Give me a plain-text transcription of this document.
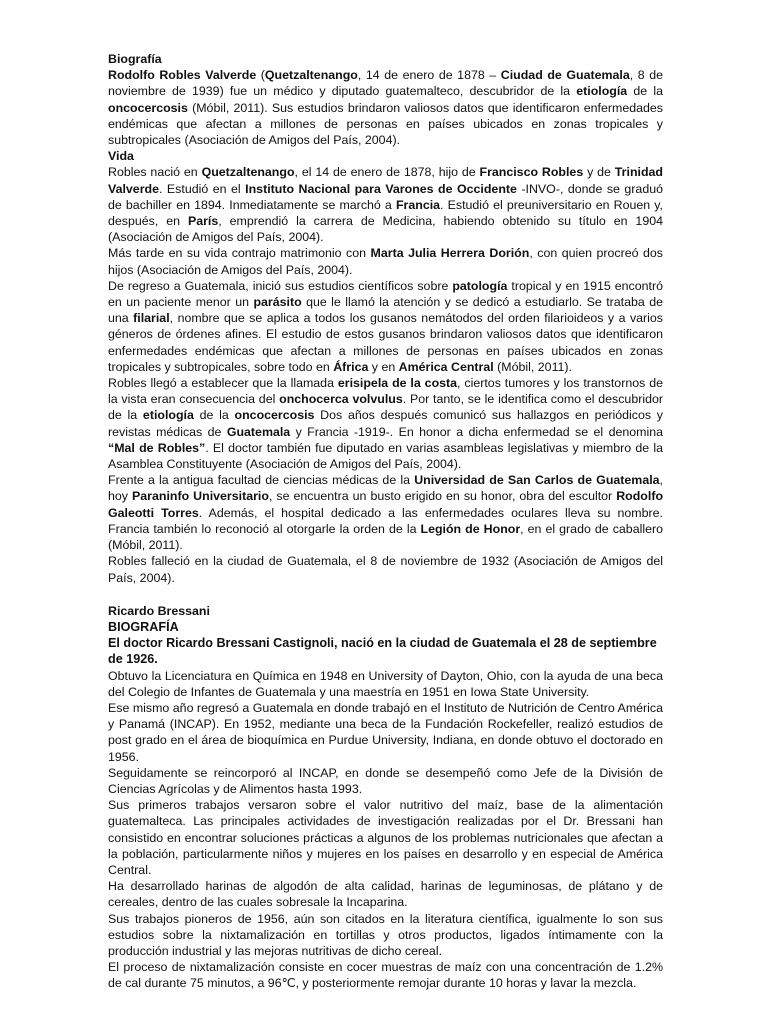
Biografía

Rodolfo Robles Valverde (Quetzaltenango, 14 de enero de 1878 – Ciudad de Guatemala, 8 de noviembre de 1939) fue un médico y diputado guatemalteco, descubridor de la etiología de la oncocercosis (Móbil, 2011). Sus estudios brindaron valiosos datos que identificaron enfermedades endémicas que afectan a millones de personas en países ubicados en zonas tropicales y subtropicales (Asociación de Amigos del País, 2004).

Vida

Robles nació en Quetzaltenango, el 14 de enero de 1878, hijo de Francisco Robles y de Trinidad Valverde. Estudió en el Instituto Nacional para Varones de Occidente -INVO-, donde se graduó de bachiller en 1894. Inmediatamente se marchó a Francia. Estudió el preuniversitario en Rouen y, después, en París, emprendió la carrera de Medicina, habiendo obtenido su título en 1904 (Asociación de Amigos del País, 2004).

Más tarde en su vida contrajo matrimonio con Marta Julia Herrera Dorión, con quien procreó dos hijos (Asociación de Amigos del País, 2004).

De regreso a Guatemala, inició sus estudios científicos sobre patología tropical y en 1915 encontró en un paciente menor un parásito que le llamó la atención y se dedicó a estudiarlo. Se trataba de una filarial, nombre que se aplica a todos los gusanos nemátodos del orden filarioideos y a varios géneros de órdenes afines. El estudio de estos gusanos brindaron valiosos datos que identificaron enfermedades endémicas que afectan a millones de personas en países ubicados en zonas tropicales y subtropicales, sobre todo en África y en América Central (Móbil, 2011).

Robles llegó a establecer que la llamada erisipela de la costa, ciertos tumores y los transtornos de la vista eran consecuencia del onchocerca volvulus. Por tanto, se le identifica como el descubridor de la etiología de la oncocercosis Dos años después comunicó sus hallazgos en periódicos y revistas médicas de Guatemala y Francia -1919-. En honor a dicha enfermedad se el denomina “Mal de Robles”. El doctor también fue diputado en varias asambleas legislativas y miembro de la Asamblea Constituyente (Asociación de Amigos del País, 2004).

Frente a la antigua facultad de ciencias médicas de la Universidad de San Carlos de Guatemala, hoy Paraninfo Universitario, se encuentra un busto erigido en su honor, obra del escultor Rodolfo Galeotti Torres. Además, el hospital dedicado a las enfermedades oculares lleva su nombre. Francia también lo reconoció al otorgarle la orden de la Legión de Honor, en el grado de caballero (Móbil, 2011).

Robles falleció en la ciudad de Guatemala, el 8 de noviembre de 1932 (Asociación de Amigos del País, 2004).

Ricardo Bressani

BIOGRAFÍA

El doctor Ricardo Bressani Castignoli, nació en la ciudad de Guatemala el 28 de septiembre de 1926.

Obtuvo la Licenciatura en Química en 1948 en University of Dayton, Ohio, con la ayuda de una beca del Colegio de Infantes de Guatemala y una maestría en 1951 en Iowa State University.

Ese mismo año regresó a Guatemala en donde trabajó en el Instituto de Nutrición de Centro América y Panamá (INCAP). En 1952, mediante una beca de la Fundación Rockefeller, realizó estudios de post grado en el área de bioquímica en Purdue University, Indiana, en donde obtuvo el doctorado en 1956.

Seguidamente se reincorporó al INCAP, en donde se desempeñó como Jefe de la División de Ciencias Agrícolas y de Alimentos hasta 1993.

Sus primeros trabajos versaron sobre el valor nutritivo del maíz, base de la alimentación guatemalteca. Las principales actividades de investigación realizadas por el Dr. Bressani han consistido en encontrar soluciones prácticas a algunos de los problemas nutricionales que afectan a la población, particularmente niños y mujeres en los países en desarrollo y en especial de América Central.

Ha desarrollado harinas de algodón de alta calidad, harinas de leguminosas, de plátano y de cereales, dentro de las cuales sobresale la Incaparina.

Sus trabajos pioneros de 1956, aún son citados en la literatura científica, igualmente lo son sus estudios sobre la nixtamalización en tortillas y otros productos, ligados íntimamente con la producción industrial y las mejoras nutritivas de dicho cereal.

El proceso de nixtamalización consiste en cocer muestras de maíz con una concentración de 1.2% de cal durante 75 minutos, a 96℃, y posteriormente remojar durante 10 horas y lavar la mezcla.
